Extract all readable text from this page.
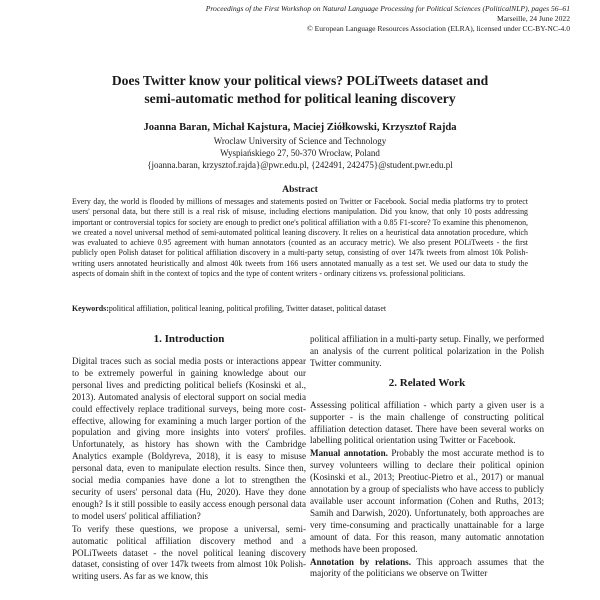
Proceedings of the First Workshop on Natural Language Processing for Political Sciences (PoliticalNLP), pages 56–61
Marseille, 24 June 2022
© European Language Resources Association (ELRA), licensed under CC-BY-NC-4.0
Does Twitter know your political views? POLiTweets dataset and
semi-automatic method for political leaning discovery
Joanna Baran, Michał Kajstura, Maciej Ziółkowski, Krzysztof Rajda
Wroclaw University of Science and Technology
Wyspiańskiego 27, 50-370 Wrocław, Poland
{joanna.baran, krzysztof.rajda}@pwr.edu.pl, {242491, 242475}@student.pwr.edu.pl
Abstract

Every day, the world is flooded by millions of messages and statements posted on Twitter or Facebook. Social media platforms try to protect users' personal data, but there still is a real risk of misuse, including elections manipulation. Did you know, that only 10 posts addressing important or controversial topics for society are enough to predict one's political affiliation with a 0.85 F1-score? To examine this phenomenon, we created a novel universal method of semi-automated political leaning discovery. It relies on a heuristical data annotation procedure, which was evaluated to achieve 0.95 agreement with human annotators (counted as an accuracy metric). We also present POLiTweets - the first publicly open Polish dataset for political affiliation discovery in a multi-party setup, consisting of over 147k tweets from almost 10k Polish-writing users annotated heuristically and almost 40k tweets from 166 users annotated manually as a test set. We used our data to study the aspects of domain shift in the context of topics and the type of content writers - ordinary citizens vs. professional politicians.

Keywords:political affiliation, political leaning, political profiling, Twitter dataset, political dataset

1. Introduction

Digital traces such as social media posts or interactions appear to be extremely powerful in gaining knowledge about our personal lives and predicting political beliefs (Kosinski et al., 2013). Automated analysis of electoral support on social media could effectively replace traditional surveys, being more cost-effective, allowing for examining a much larger portion of the population and giving more insights into voters' profiles. Unfortunately, as history has shown with the Cambridge Analytics example (Boldyreva, 2018), it is easy to misuse personal data, even to manipulate election results. Since then, social media companies have done a lot to strengthen the security of users' personal data (Hu, 2020). Have they done enough? Is it still possible to easily access enough personal data to model users' political affiliation?

To verify these questions, we propose a universal, semi-automatic political affiliation discovery method and a POLiTweets dataset - the novel political leaning discovery dataset, consisting of over 147k tweets from almost 10k Polish-writing users. As far as we know, this

political affiliation in a multi-party setup. Finally, we performed an analysis of the current political polarization in the Polish Twitter community.

2. Related Work

Assessing political affiliation - which party a given user is a supporter - is the main challenge of constructing political affiliation detection dataset. There have been several works on labelling political orientation using Twitter or Facebook.

Manual annotation. Probably the most accurate method is to survey volunteers willing to declare their political opinion (Kosinski et al., 2013; Preotiuc-Pietro et al., 2017) or manual annotation by a group of specialists who have access to publicly available user account information (Cohen and Ruths, 2013; Samih and Darwish, 2020). Unfortunately, both approaches are very time-consuming and practically unattainable for a large amount of data. For this reason, many automatic annotation methods have been proposed.

Annotation by relations. This approach assumes that the majority of the politicians we observe on Twitter
